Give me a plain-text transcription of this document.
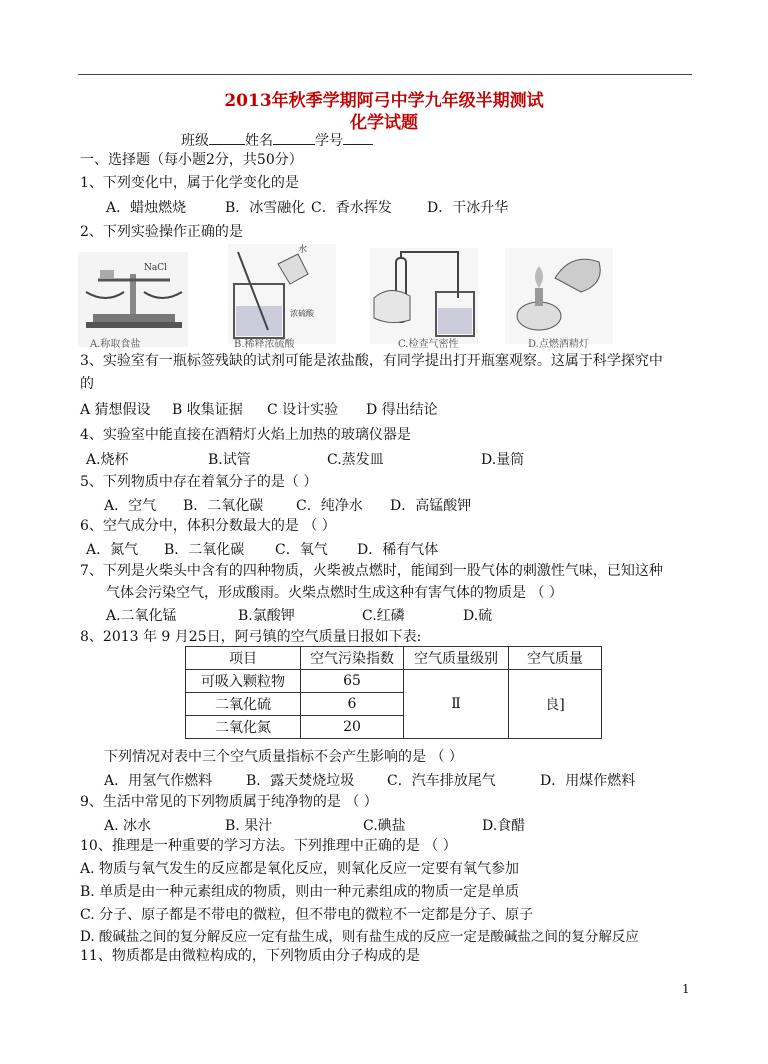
2013年秋季学期阿弓中学九年级半期测试
化学试题
班级	姓名	学号
一、选择题（每小题2分，共50分）
1、下列变化中，属于化学变化的是
A．蜡烛燃烧	B．冰雪融化 C．香水挥发	D．干冰升华
2、下列实验操作正确的是
NaCl
A.称取食盐
水
浓硫酸
B.稀释浓硫酸	C.检查气密性	D.点燃酒精灯
3、实验室有一瓶标签残缺的试剂可能是浓盐酸，有同学提出打开瓶塞观察。这属于科学探究中
的
A 猜想假设 B 收集证据 C 设计实验 D 得出结论
4、实验室中能直接在酒精灯火焰上加热的玻璃仪器是
A.烧杯	B.试管	C.蒸发皿	D.量筒
5、下列物质中存在着氧分子的是（ ）
A．空气 B．二氧化碳 C．纯净水 D．高锰酸钾
6、空气成分中，体积分数最大的是 （ ）
A．氮气 B．二氧化碳 C．氧气 D．稀有气体
7、下列是火柴头中含有的四种物质，火柴被点燃时，能闻到一股气体的刺激性气味，已知这种
气体会污染空气，形成酸雨。火柴点燃时生成这种有害气体的物质是 （ ）
A.二氧化锰	B.氯酸钾	C.红磷	D.硫
8、2013 年 9 月25日，阿弓镇的空气质量日报如下表:
项目	空气污染指数	空气质量级别	空气质量
可吸入颗粒物	65	Ⅱ	良]
二氧化硫	6		
二氧化氮	20		
下列情况对表中三个空气质量指标不会产生影响的是 （ ）
A．用氢气作燃料 B．露天焚烧垃圾 C．汽车排放尾气	D．用煤作燃料
9、生活中常见的下列物质属于纯净物的是 （ ）
A. 冰水	B. 果汁	C.碘盐	D.食醋
10、推理是一种重要的学习方法。下列推理中正确的是 （ ）
A. 物质与氧气发生的反应都是氧化反应，则氧化反应一定要有氧气参加
B. 单质是由一种元素组成的物质，则由一种元素组成的物质一定是单质
C. 分子、原子都是不带电的微粒，但不带电的微粒不一定都是分子、原子
D. 酸碱盐之间的复分解反应一定有盐生成，则有盐生成的反应一定是酸碱盐之间的复分解反应
11、物质都是由微粒构成的，下列物质由分子构成的是
1
